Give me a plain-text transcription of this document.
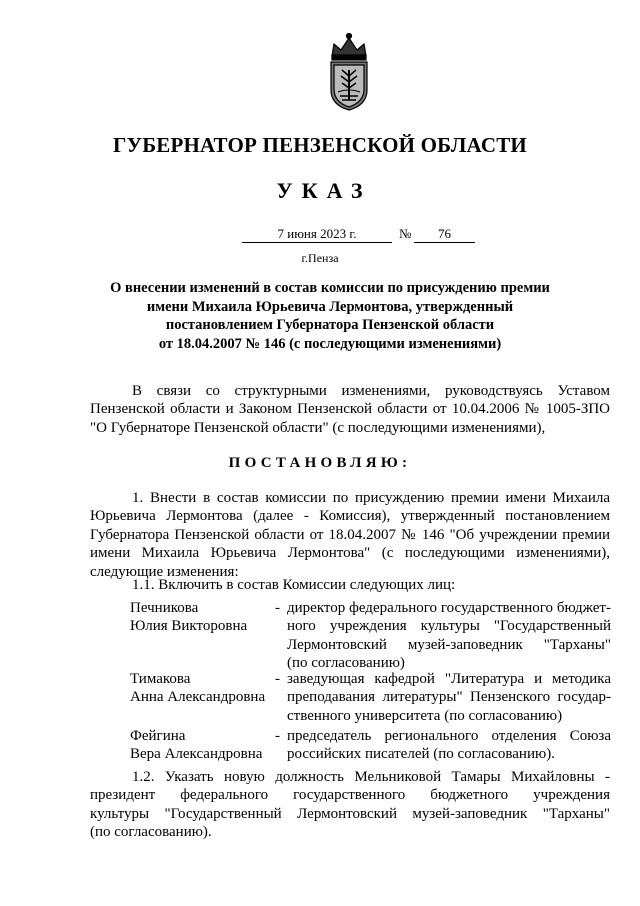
ГУБЕРНАТОР ПЕНЗЕНСКОЙ ОБЛАСТИ
УКАЗ
7 июня 2023 г.	№	76
г.Пенза
О внесении изменений в состав комиссии по присуждению премии
имени Михаила Юрьевича Лермонтова, утвержденный
постановлением Губернатора Пензенской области
от 18.04.2007 № 146 (с последующими изменениями)
В связи со структурными изменениями, руководствуясь Уставом
Пензенской области и Законом Пензенской области от 10.04.2006 № 1005-ЗПО
"О Губернаторе Пензенской области" (с последующими изменениями),
ПОСТАНОВЛЯЮ:
1. Внести в состав комиссии по присуждению премии имени Михаила
Юрьевича Лермонтова (далее - Комиссия), утвержденный постановлением
Губернатора Пензенской области от 18.04.2007 № 146 "Об учреждении премии
имени Михаила Юрьевича Лермонтова" (с последующими изменениями),
следующие изменения:
1.1. Включить в состав Комиссии следующих лиц:
Печникова
Юлия Викторовна
- директор федерального государственного бюджет-
ного учреждения культуры "Государственный
Лермонтовский музей-заповедник "Тарханы"
(по согласованию)
Тимакова
Анна Александровна
- заведующая кафедрой "Литература и методика
преподавания литературы" Пензенского государ-
ственного университета (по согласованию)
Фейгина
Вера Александровна
- председатель регионального отделения Союза
российских писателей (по согласованию).
1.2. Указать новую должность Мельниковой Тамары Михайловны -
президент федерального государственного бюджетного учреждения
культуры "Государственный Лермонтовский музей-заповедник "Тарханы"
(по согласованию).
